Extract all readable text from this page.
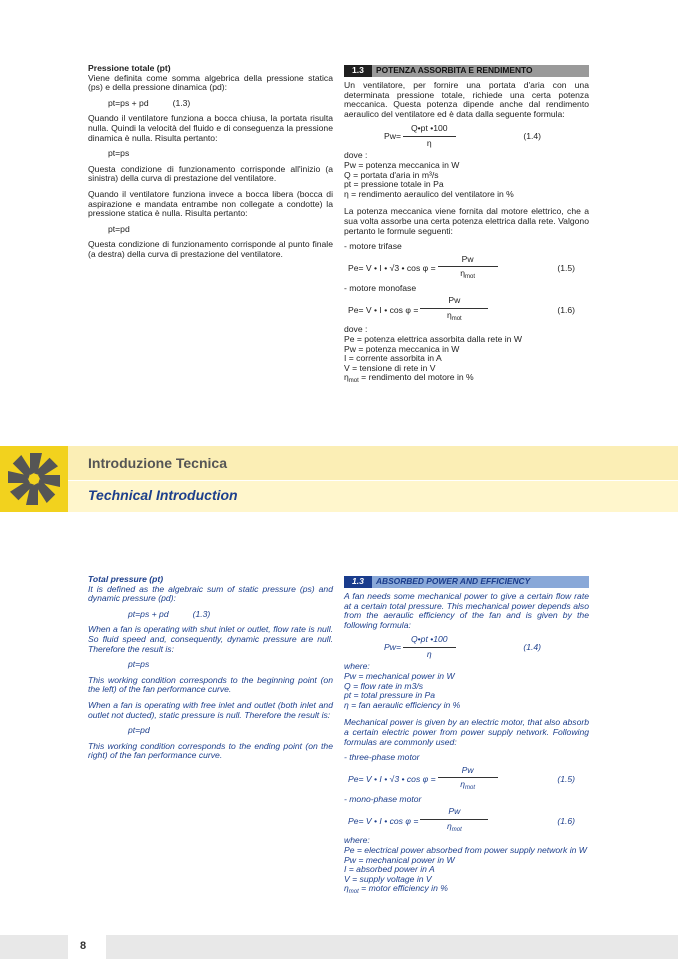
Pressione totale (pt)

Viene definita come somma algebrica della pressione statica (ps) e della pressione dinamica (pd):

pt=ps + pd	(1.3)

Quando il ventilatore funziona a bocca chiusa, la portata risulta nulla. Quindi la velocità del fluido e di conseguenza la pressione dinamica è nulla. Risulta pertanto:

pt=ps

Questa condizione di funzionamento corrisponde all'inizio (a sinistra) della curva di prestazione del ventilatore.

Quando il ventilatore funziona invece a bocca libera (bocca di aspirazione e mandata entrambe non collegate a condotte) la pressione statica è nulla. Risulta pertanto:

pt=pd

Questa condizione di funzionamento corrisponde al punto finale (a destra) della curva di prestazione del ventilatore.

1.3	POTENZA ASSORBITA E RENDIMENTO

Un ventilatore, per fornire una portata d'aria con una determinata pressione totale, richiede una certa potenza meccanica. Questa potenza dipende anche dal rendimento aeraulico del ventilatore ed è data dalla seguente formula:

$Pw= \frac{Q•pt •100}{\eta}$	(1.4)
dove :
Pw = potenza meccanica in W
Q = portata d'aria in m³/s
pt = pressione totale in Pa
η = rendimento aeraulico del ventilatore in %

La potenza meccanica viene fornita dal motore elettrico, che a sua volta assorbe una certa potenza elettrica dalla rete. Valgono pertanto le formule seguenti:

- motore trifase
Pe= V • I • √3 • $\cos \varphi = \frac{Pw}{\eta_{mot}}$	(1.5)
- motore monofase
Pe= V • I • $\cos \varphi = \frac{Pw}{\eta_{mot}}$	(1.6)
dove :
Pe = potenza elettrica assorbita dalla rete in W
Pw = potenza meccanica in W
I = corrente assorbita in A
V = tensione di rete in V
$\eta_{mot}$ = rendimento del motore in %
Introduzione Tecnica
Technical Introduction

Total pressure (pt)

It is defined as the algebraic sum of static pressure (ps) and dynamic pressure (pd):

pt=ps + pd	(1.3)

When a fan is operating with shut inlet or outlet, flow rate is null. So fluid speed and, consequently, dynamic pressure are null. Therefore the result is:

pt=ps

This working condition corresponds to the beginning point (on the left) of the fan performance curve.

When a fan is operating with free inlet and outlet (both inlet and outlet not ducted), static pressure is null. Therefore the result is:

pt=pd

This working condition corresponds to the ending point (on the right) of the fan performance curve.

1.3	ABSORBED POWER AND EFFICIENCY

A fan needs some mechanical power to give a certain flow rate at a certain total pressure. This mechanical power depends also from the aeraulic efficiency of the fan and is given by the following formula:

$Pw= \frac{Q•pt •100}{\eta}$	(1.4)
where:
Pw = mechanical power in W
Q = flow rate in m3/s
pt = total pressure in Pa
η = fan aeraulic efficiency in %

Mechanical power is given by an electric motor, that also absorb a certain electric power from power supply network. Following formulas are commonly used:

- three-phase motor
Pe= V • I • √3 • $\cos \varphi = \frac{Pw}{\eta_{mot}}$	(1.5)
- mono-phase motor
Pe= V • I • $\cos \varphi = \frac{Pw}{\eta_{mot}}$	(1.6)
where:
Pe = electrical power absorbed from power supply network in W
Pw = mechanical power in W
I = absorbed power in A
V = supply voltage in V
$\eta_{mot}$ = motor efficiency in %
8
